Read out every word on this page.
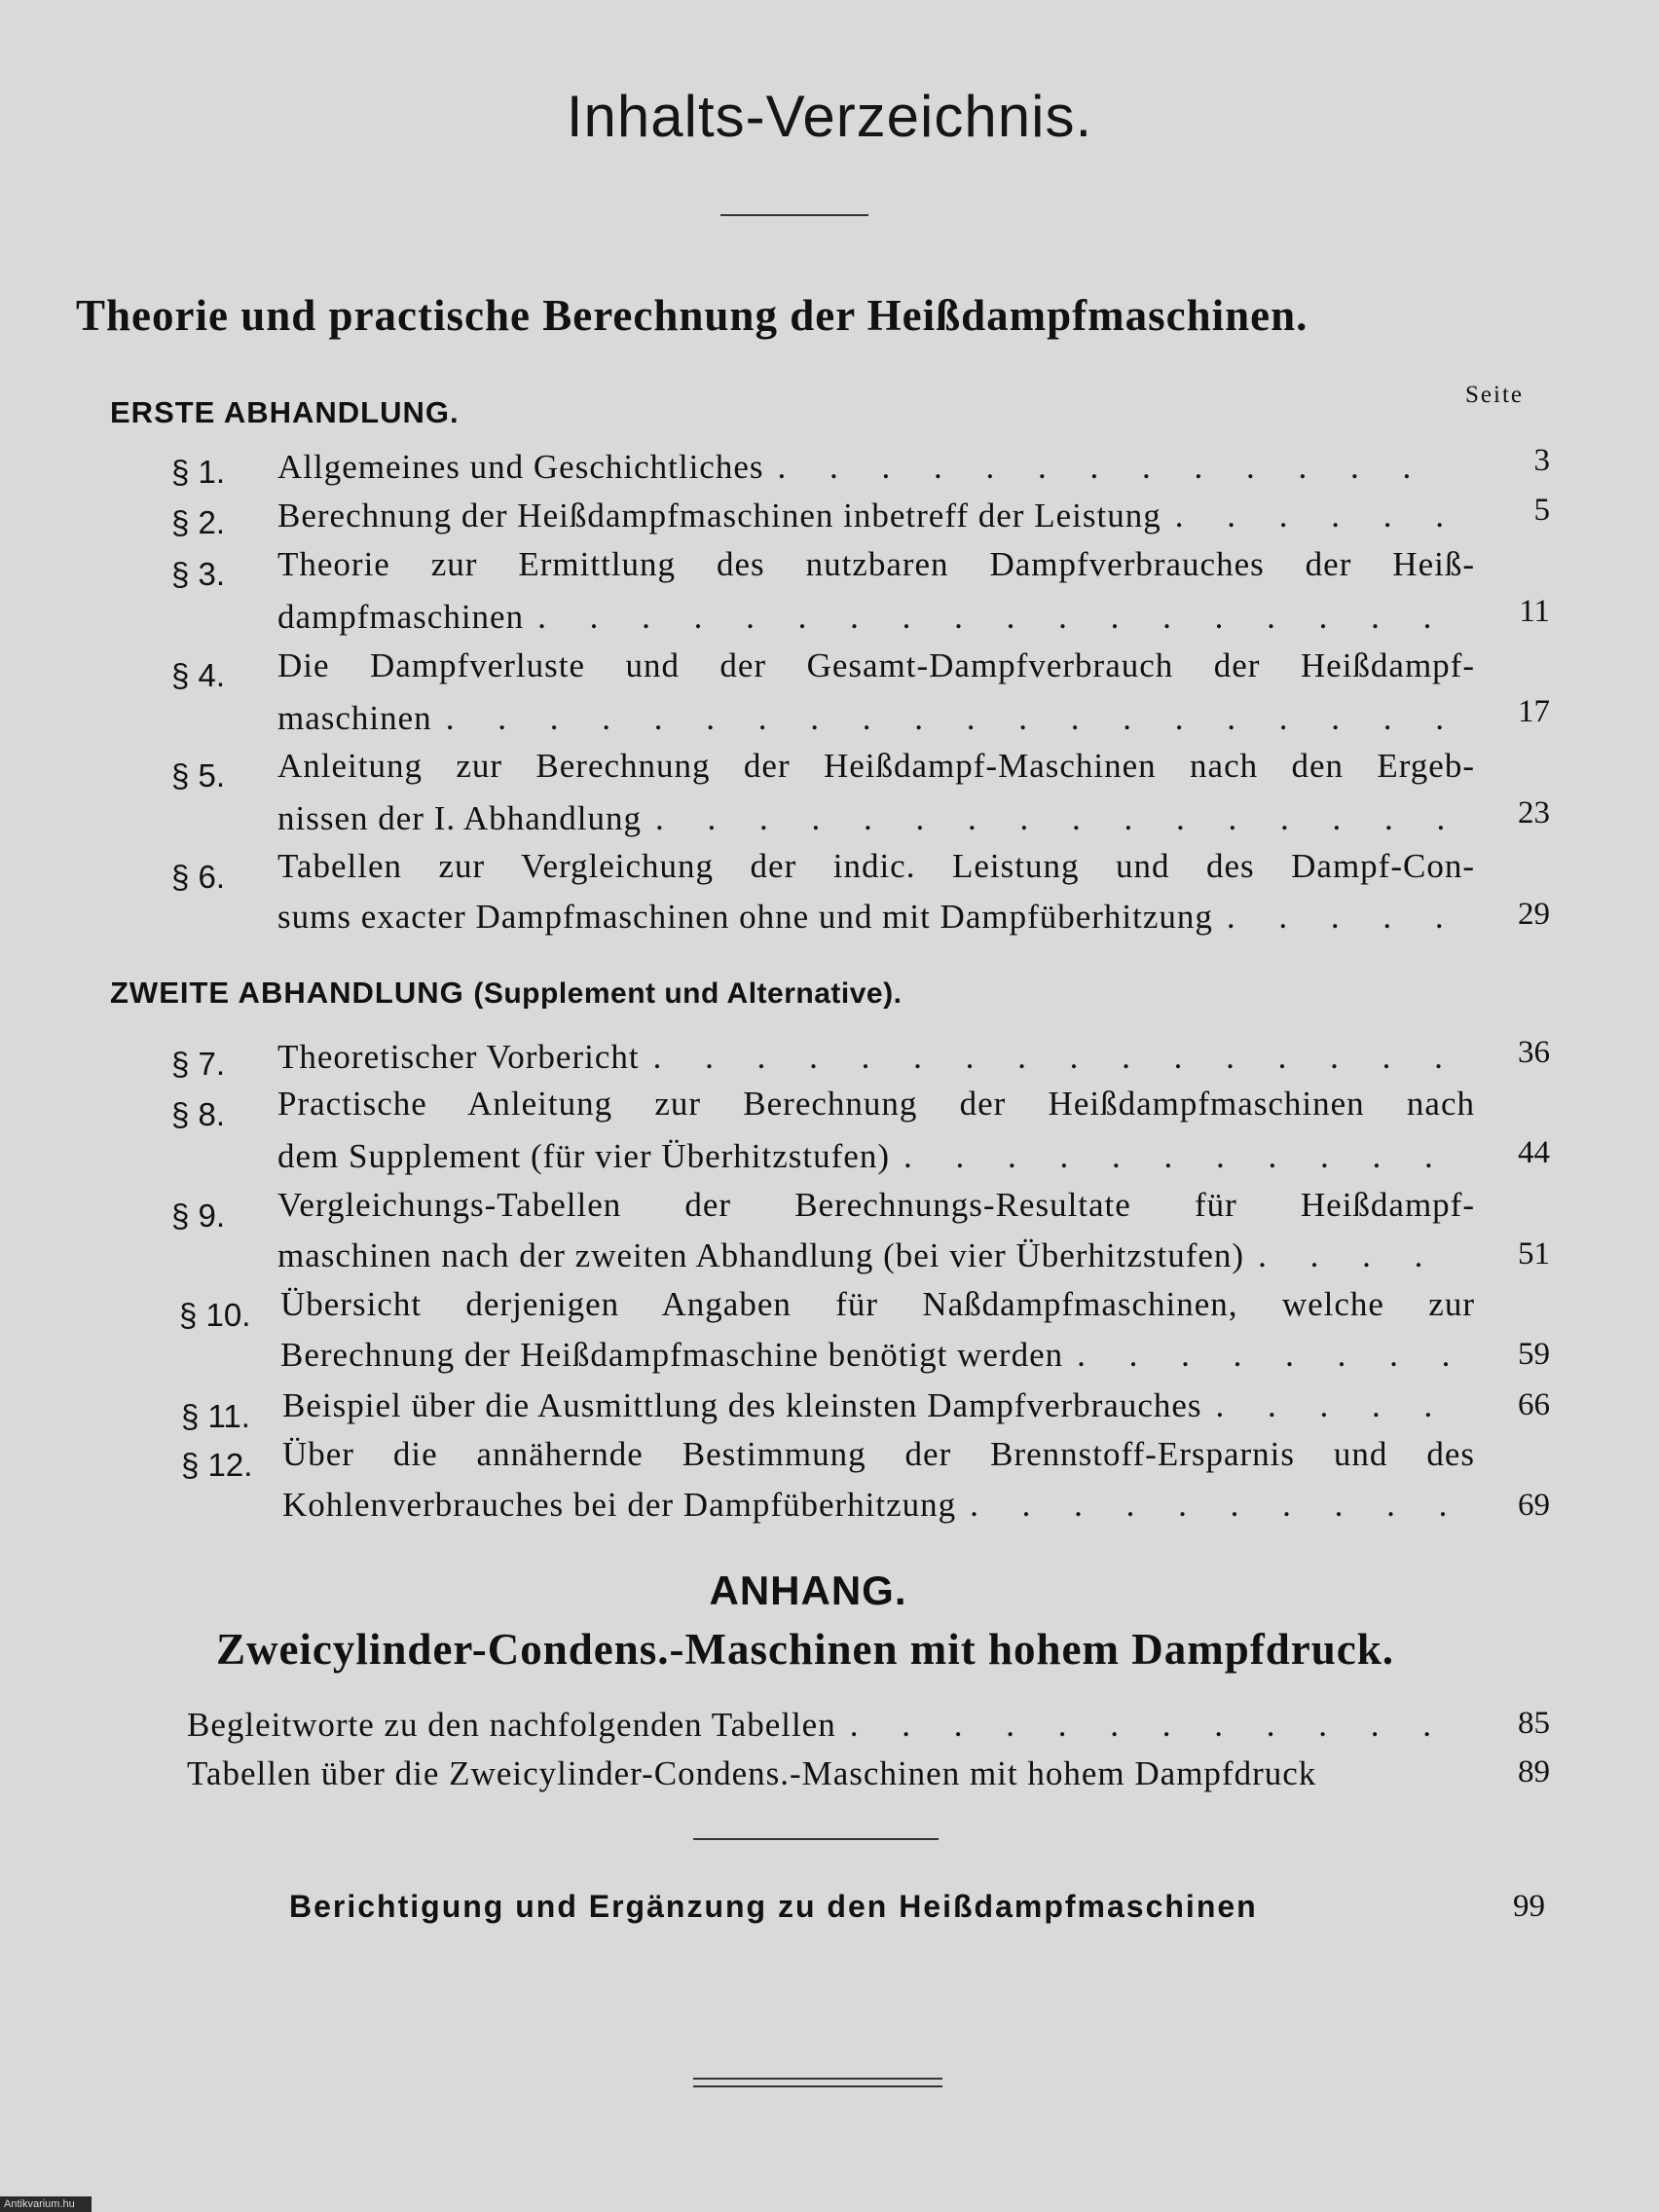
Inhalts-Verzeichnis.
Theorie und practische Berechnung der Heißdampfmaschinen.
ERSTE ABHANDLUNG.
Seite
§ 1. Allgemeines und Geschichtliches . . .	3
§ 2. Berechnung der Heißdampfmaschinen inbetreff der Leistung . . .	5
§ 3. Theorie zur Ermittlung des nutzbaren Dampfverbrauches der Heiß-
dampfmaschinen . . .	11
§ 4. Die Dampfverluste und der Gesamt-Dampfverbrauch der Heißdampf-
maschinen . . .	17
§ 5. Anleitung zur Berechnung der Heißdampf-Maschinen nach den Ergeb-
nissen der I. Abhandlung . . .	23
§ 6. Tabellen zur Vergleichung der indic. Leistung und des Dampf-Con-
sums exacter Dampfmaschinen ohne und mit Dampfüberhitzung . . .	29
ZWEITE ABHANDLUNG (Supplement und Alternative).
§ 7. Theoretischer Vorbericht . . .	36
§ 8. Practische Anleitung zur Berechnung der Heißdampfmaschinen nach
dem Supplement (für vier Überhitzstufen) . . .	44
§ 9. Vergleichungs-Tabellen der Berechnungs-Resultate für Heißdampf-
maschinen nach der zweiten Abhandlung (bei vier Überhitzstufen) . . .	51
§ 10. Übersicht derjenigen Angaben für Naßdampfmaschinen, welche zur
Berechnung der Heißdampfmaschine benötigt werden . . .	59
§ 11. Beispiel über die Ausmittlung des kleinsten Dampfverbrauches . . .	66
§ 12. Über die annähernde Bestimmung der Brennstoff-Ersparnis und des
Kohlenverbrauches bei der Dampfüberhitzung . . .	69
ANHANG.
Zweicylinder-Condens.-Maschinen mit hohem Dampfdruck.
Begleitworte zu den nachfolgenden Tabellen . . .	85
Tabellen über die Zweicylinder-Condens.-Maschinen mit hohem Dampfdruck	89
Berichtigung und Ergänzung zu den Heißdampfmaschinen	99
Antikvarium.hu
